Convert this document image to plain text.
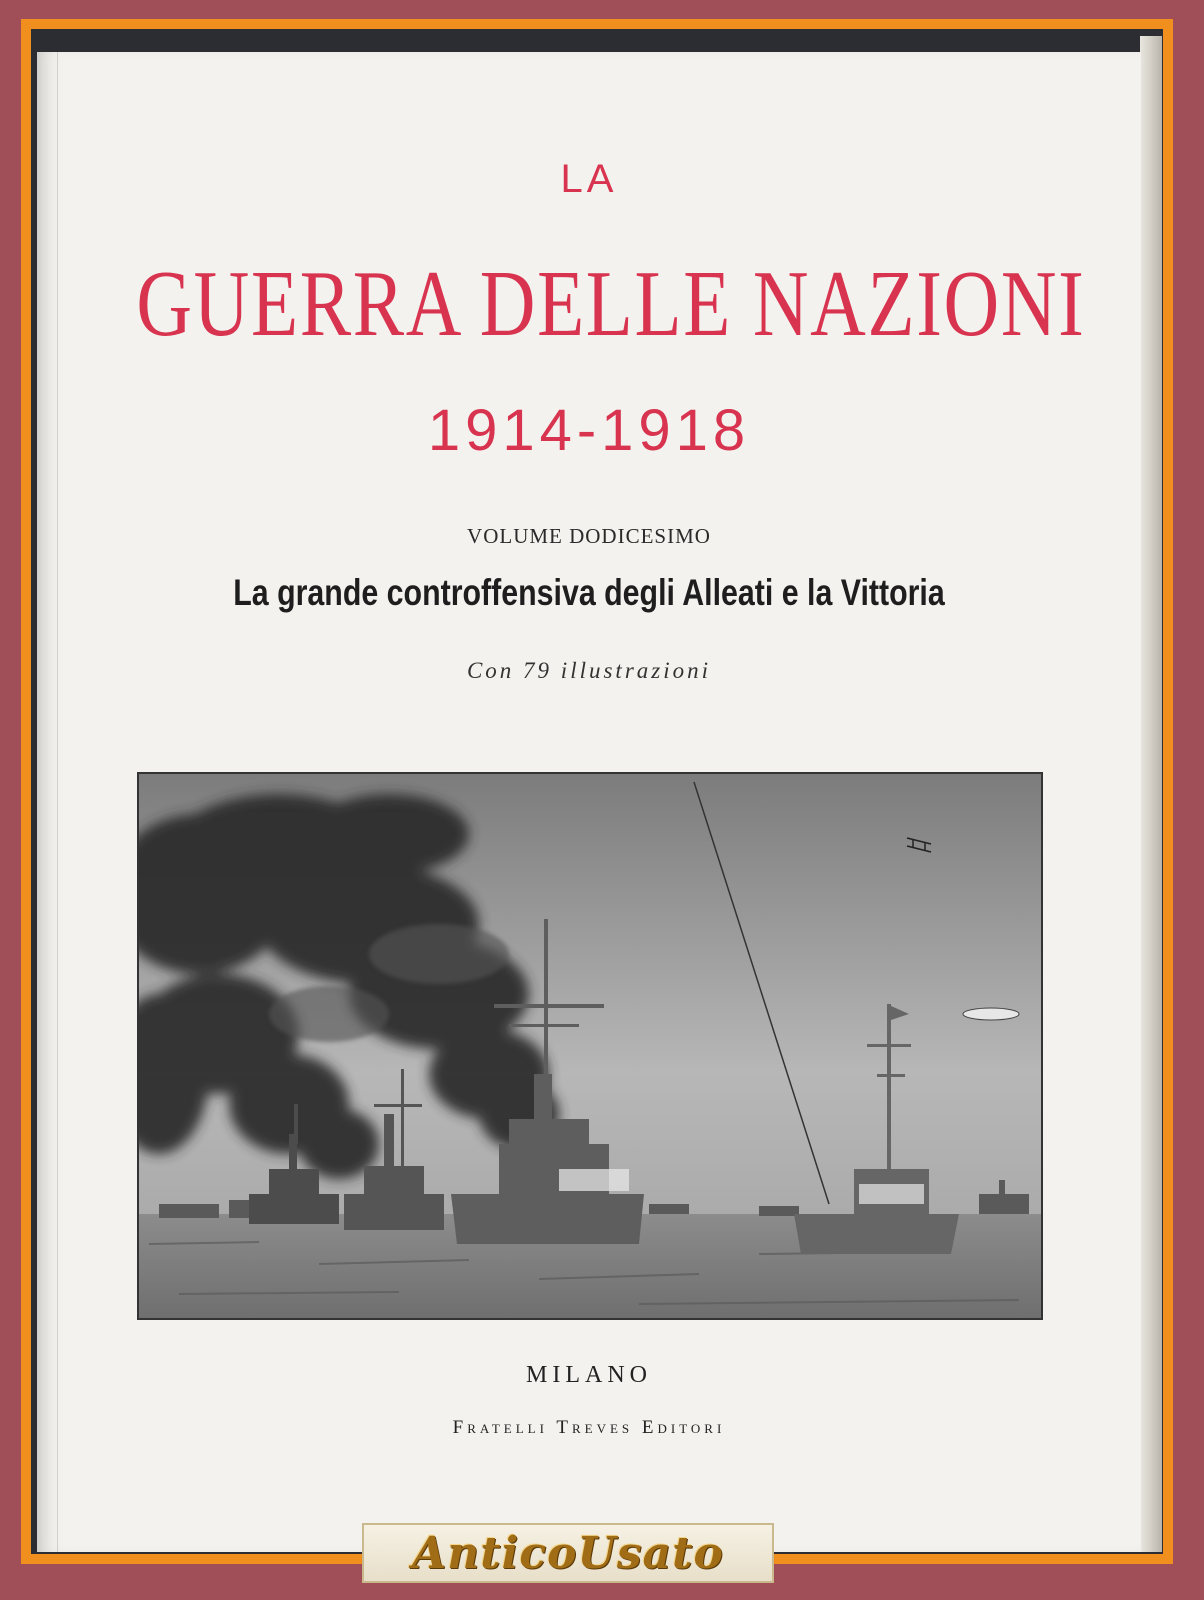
LA
GUERRA DELLE NAZIONI
1914-1918
VOLUME DODICESIMO
La grande controffensiva degli Alleati e la Vittoria
Con 79 illustrazioni
MILANO
Fratelli Treves Editori
AnticoUsato
